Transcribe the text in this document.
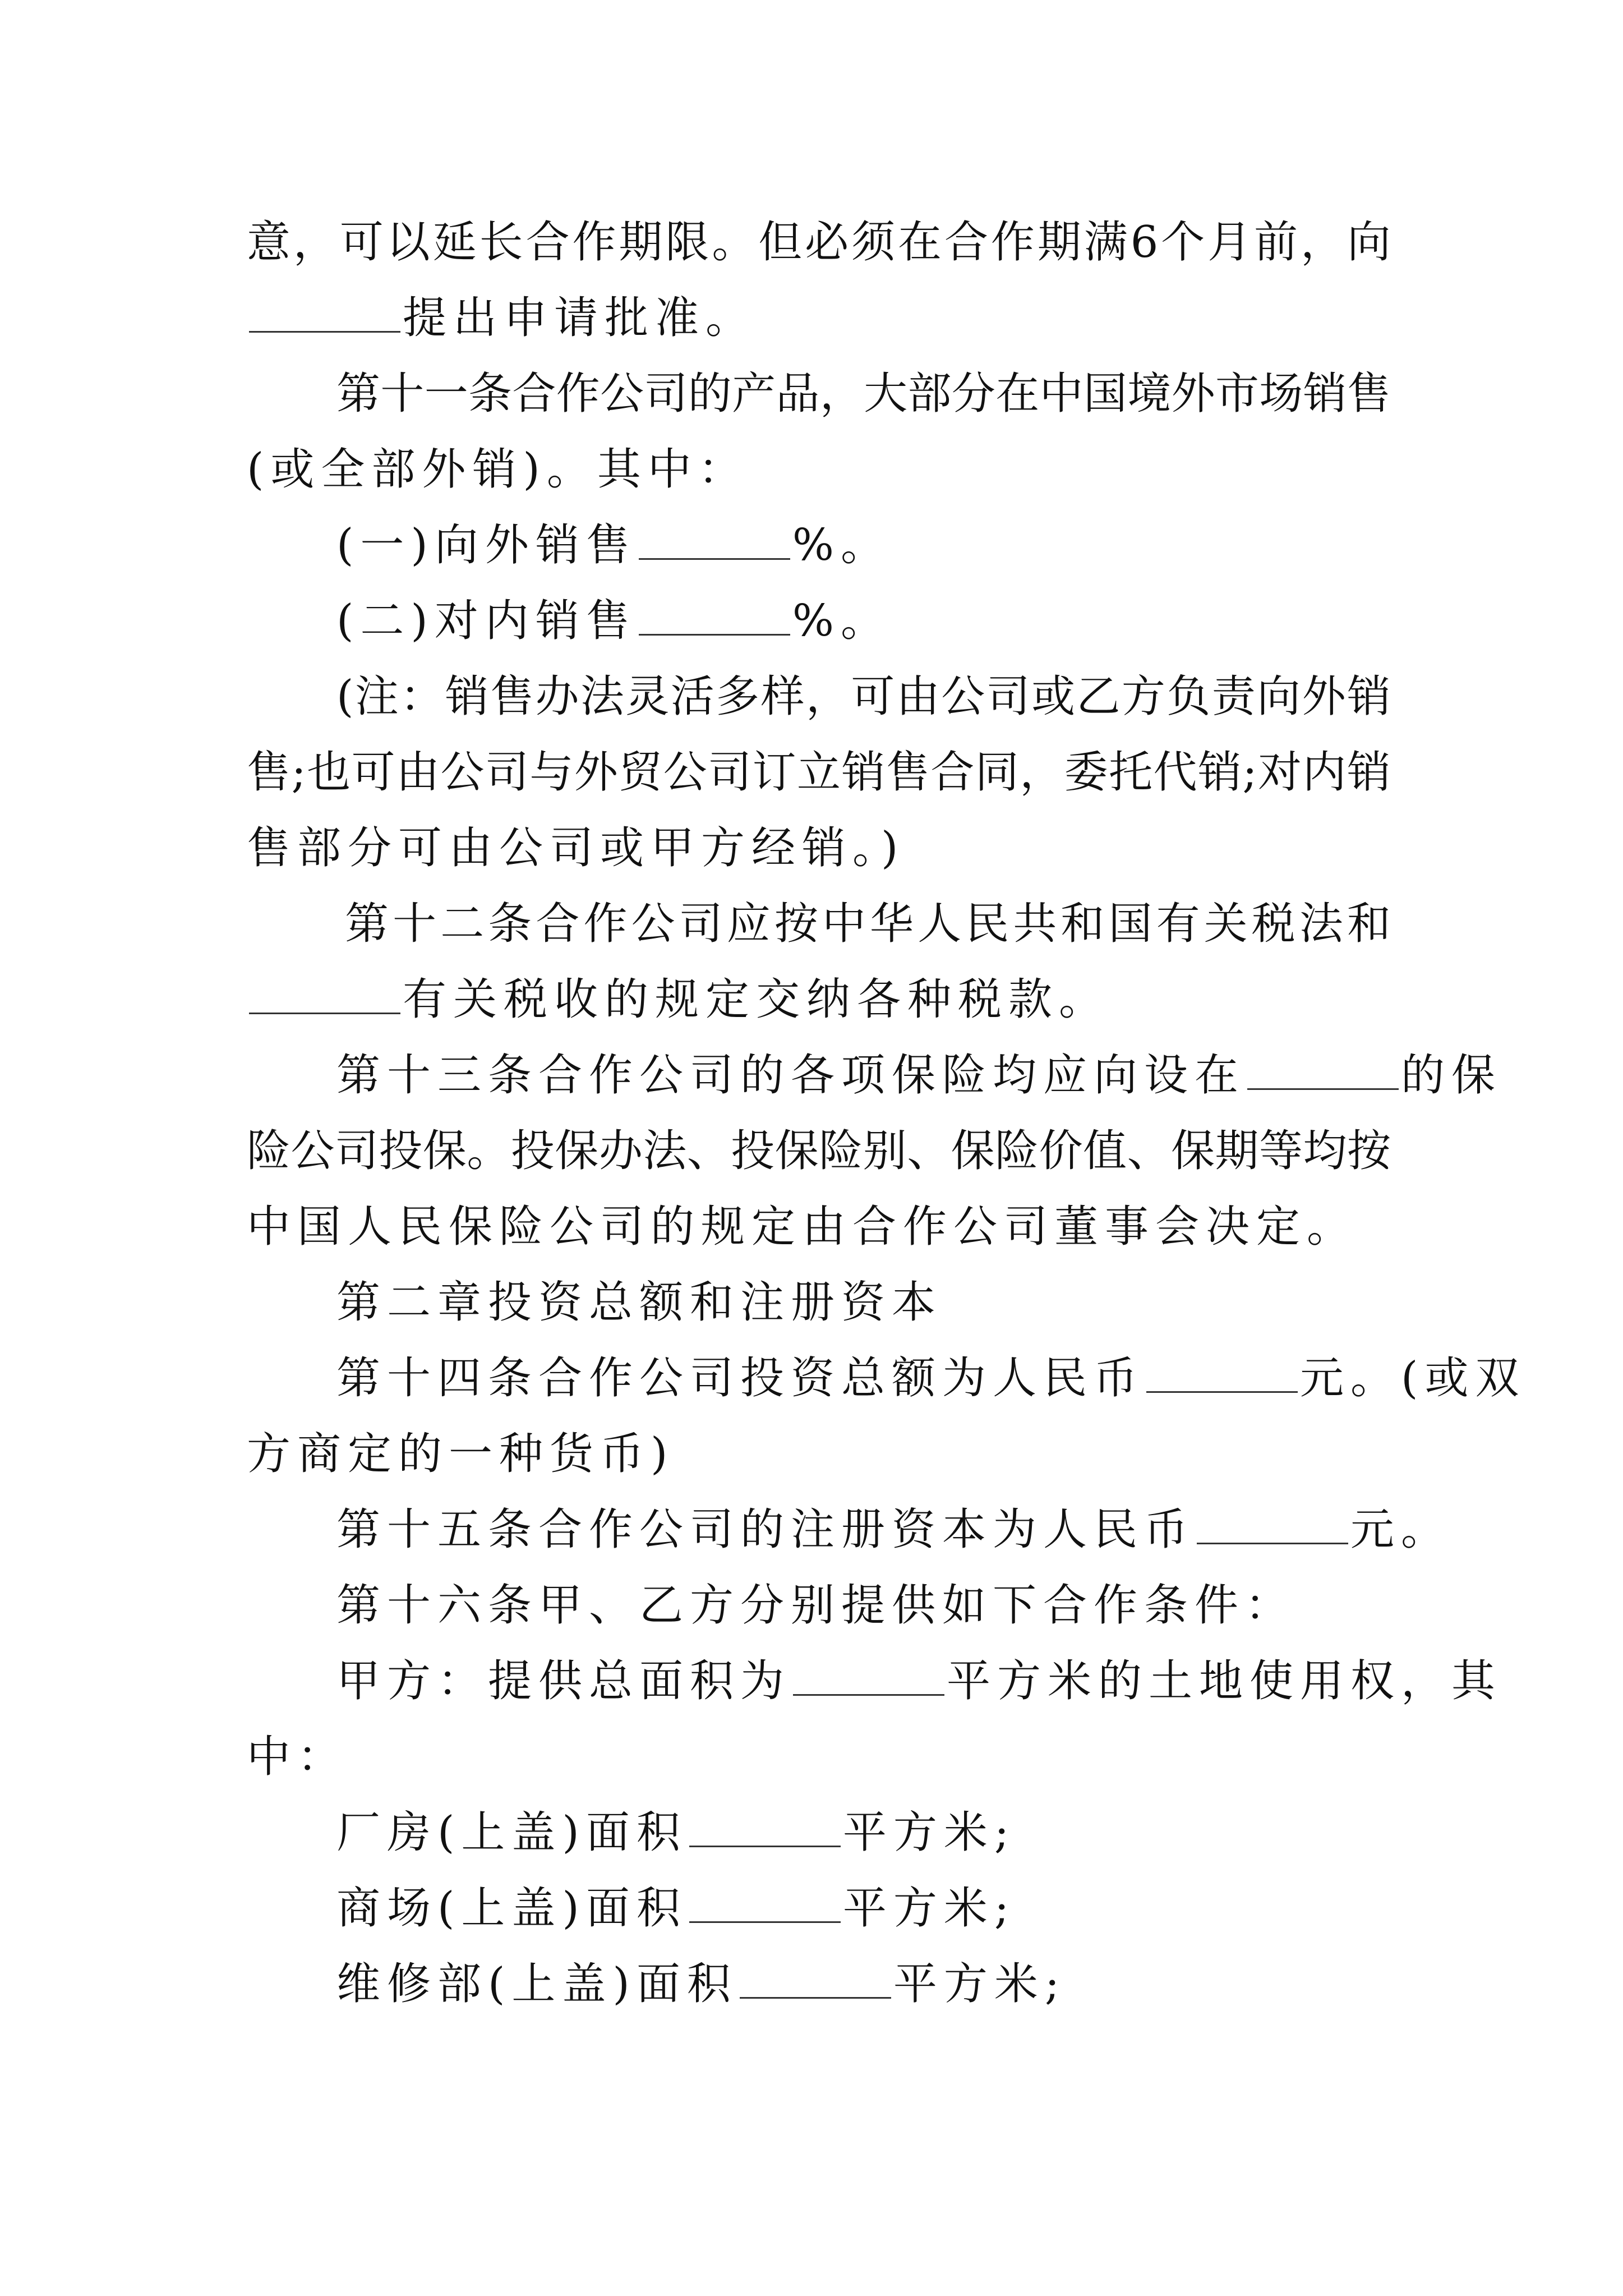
意，可以延长合作期限。但必须在合作期满6个月前，向
提出申请批准。
第十一条合作公司的产品，大部分在中国境外市场销售
(或全部外销)。其中：
(一)向外销售	%。
(二)对内销售	%。
(注：销售办法灵活多样，可由公司或乙方负责向外销
售;也可由公司与外贸公司订立销售合同，委托代销;对内销
售部分可由公司或甲方经销。)
第十二条合作公司应按中华人民共和国有关税法和
有关税收的规定交纳各种税款。
第十三条合作公司的各项保险均应向设在	的保
险公司投保。投保办法、投保险别、保险价值、保期等均按
中国人民保险公司的规定由合作公司董事会决定。
第二章投资总额和注册资本
第十四条合作公司投资总额为人民币	元。(或双
方商定的一种货币)
第十五条合作公司的注册资本为人民币	元。
第十六条甲、乙方分别提供如下合作条件：
甲方：提供总面积为	平方米的土地使用权，其
中：
厂房(上盖)面积	平方米;
商场(上盖)面积	平方米;
维修部(上盖)面积	平方米;
